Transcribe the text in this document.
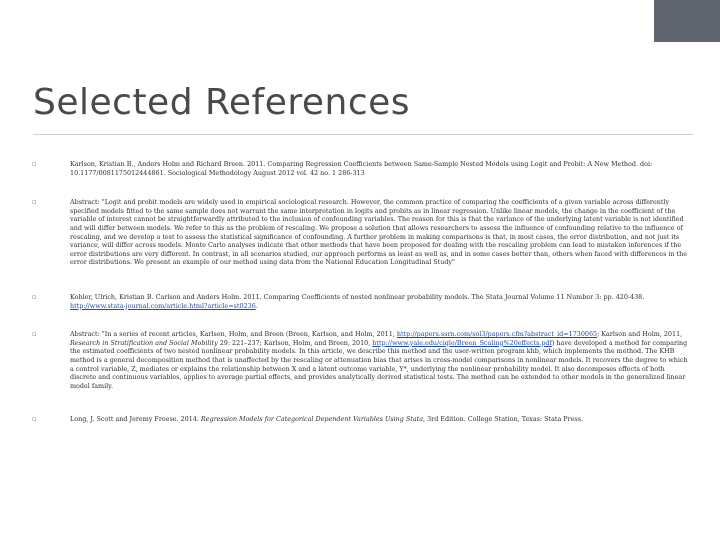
Selected References
▫	Karlson, Kristian B., Anders Holm and Richard Breen. 2011. Comparing Regression Coefficients between Same-Sample Nested Models using Logit and Probit: A New Method. doi: 10.1177/0081175012444861. Sociological Methodology August 2012 vol. 42 no. 1 286-313
▫	Abstract: "Logit and probit models are widely used in empirical sociological research. However, the common practice of comparing the coefficients of a given variable across differently specified models fitted to the same sample does not warrant the same interpretation in logits and probits as in linear regression. Unlike linear models, the change in the coefficient of the variable of interest cannot be straightforwardly attributed to the inclusion of confounding variables. The reason for this is that the variance of the underlying latent variable is not identified and will differ between models. We refer to this as the problem of rescaling. We propose a solution that allows researchers to assess the influence of confounding relative to the influence of rescaling, and we develop a test to assess the statistical significance of confounding. A further problem in making comparisons is that, in most cases, the error distribution, and not just its variance, will differ across models. Monte Carlo analyses indicate that other methods that have been proposed for dealing with the rescaling problem can lead to mistaken inferences if the error distributions are very different. In contrast, in all scenarios studied, our approach performs as least as well as, and in some cases better than, others when faced with differences in the error distributions. We present an example of our method using data from the National Education Longitudinal Study"
▫	Kohler, Ulrich, Kristian B. Carlson and Anders Holm. 2011. Comparing Coefficients of nested nonlinear probability models. The Stata Journal Volume 11 Number 3: pp. 420-438. http://www.stata-journal.com/article.html?article=st0236.
▫	Abstract: "In a series of recent articles, Karlson, Holm, and Breen (Breen, Karlson, and Holm, 2011, http://papers.ssrn.com/sol3/papers.cfm?abstract_id=1730065; Karlson and Holm, 2011, Research in Stratification and Social Mobility 29: 221–237; Karlson, Holm, and Breen, 2010, http://www.yale.edu/ciqle/Breen_Scaling%20effects.pdf) have developed a method for comparing the estimated coefficients of two nested nonlinear probability models. In this article, we describe this method and the user-written program khb, which implements the method. The KHB method is a general decomposition method that is unaffected by the rescaling or attenuation bias that arises in cross-model comparisons in nonlinear models. It recovers the degree to which a control variable, Z, mediates or explains the relationship between X and a latent outcome variable, Y*, underlying the nonlinear probability model. It also decomposes effects of both discrete and continuous variables, applies to average partial effects, and provides analytically derived statistical tests. The method can be extended to other models in the generalized linear model family.
▫	Long, J. Scott and Jeremy Freese. 2014. Regression Models for Categorical Dependent Variables Using Stata, 3rd Edition. College Station, Texas: Stata Press.
